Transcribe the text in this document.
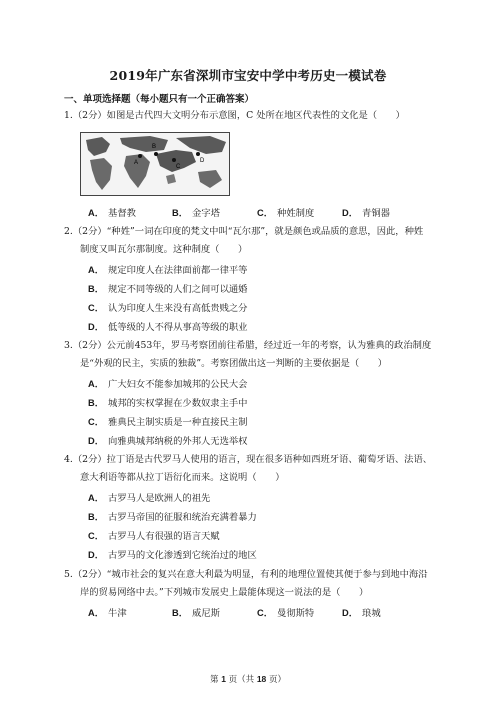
2019年广东省深圳市宝安中学中考历史一模试卷
一、单项选择题（每小题只有一个正确答案）
1.（2分）如图是古代四大文明分布示意图，C 处所在地区代表性的文化是（　　）
A
B
C
D
A． 基督教	B． 金字塔	C． 种姓制度	D． 青铜器
2.（2分）“种姓”一词在印度的梵文中叫“瓦尔那”，就是颜色或品质的意思，因此，种姓
制度又叫瓦尔那制度。这种制度（　　）
A． 规定印度人在法律面前都一律平等
B． 规定不同等级的人们之间可以通婚
C． 认为印度人生来没有高低贵贱之分
D． 低等级的人不得从事高等级的职业
3.（2分）公元前453年，罗马考察团前往希腊，经过近一年的考察，认为雅典的政治制度
是“外观的民主，实质的独裁”。考察团做出这一判断的主要依据是（　　）
A． 广大妇女不能参加城邦的公民大会
B． 城邦的实权掌握在少数奴隶主手中
C． 雅典民主制实质是一种直接民主制
D． 向雅典城邦纳税的外邦人无选举权
4.（2分）拉丁语是古代罗马人使用的语言，现在很多语种如西班牙语、葡萄牙语、法语、
意大利语等都从拉丁语衍化而来。这说明（　　）
A． 古罗马人是欧洲人的祖先
B． 古罗马帝国的征服和统治充满着暴力
C． 古罗马人有很强的语言天赋
D． 古罗马的文化渗透到它统治过的地区
5.（2分）“城市社会的复兴在意大利最为明显，有利的地理位置使其便于参与到地中海沿
岸的贸易网络中去。”下列城市发展史上最能体现这一说法的是（　　）
A． 牛津	B． 威尼斯	C． 曼彻斯特	D． 琅城
第 1 页（共 18 页）
